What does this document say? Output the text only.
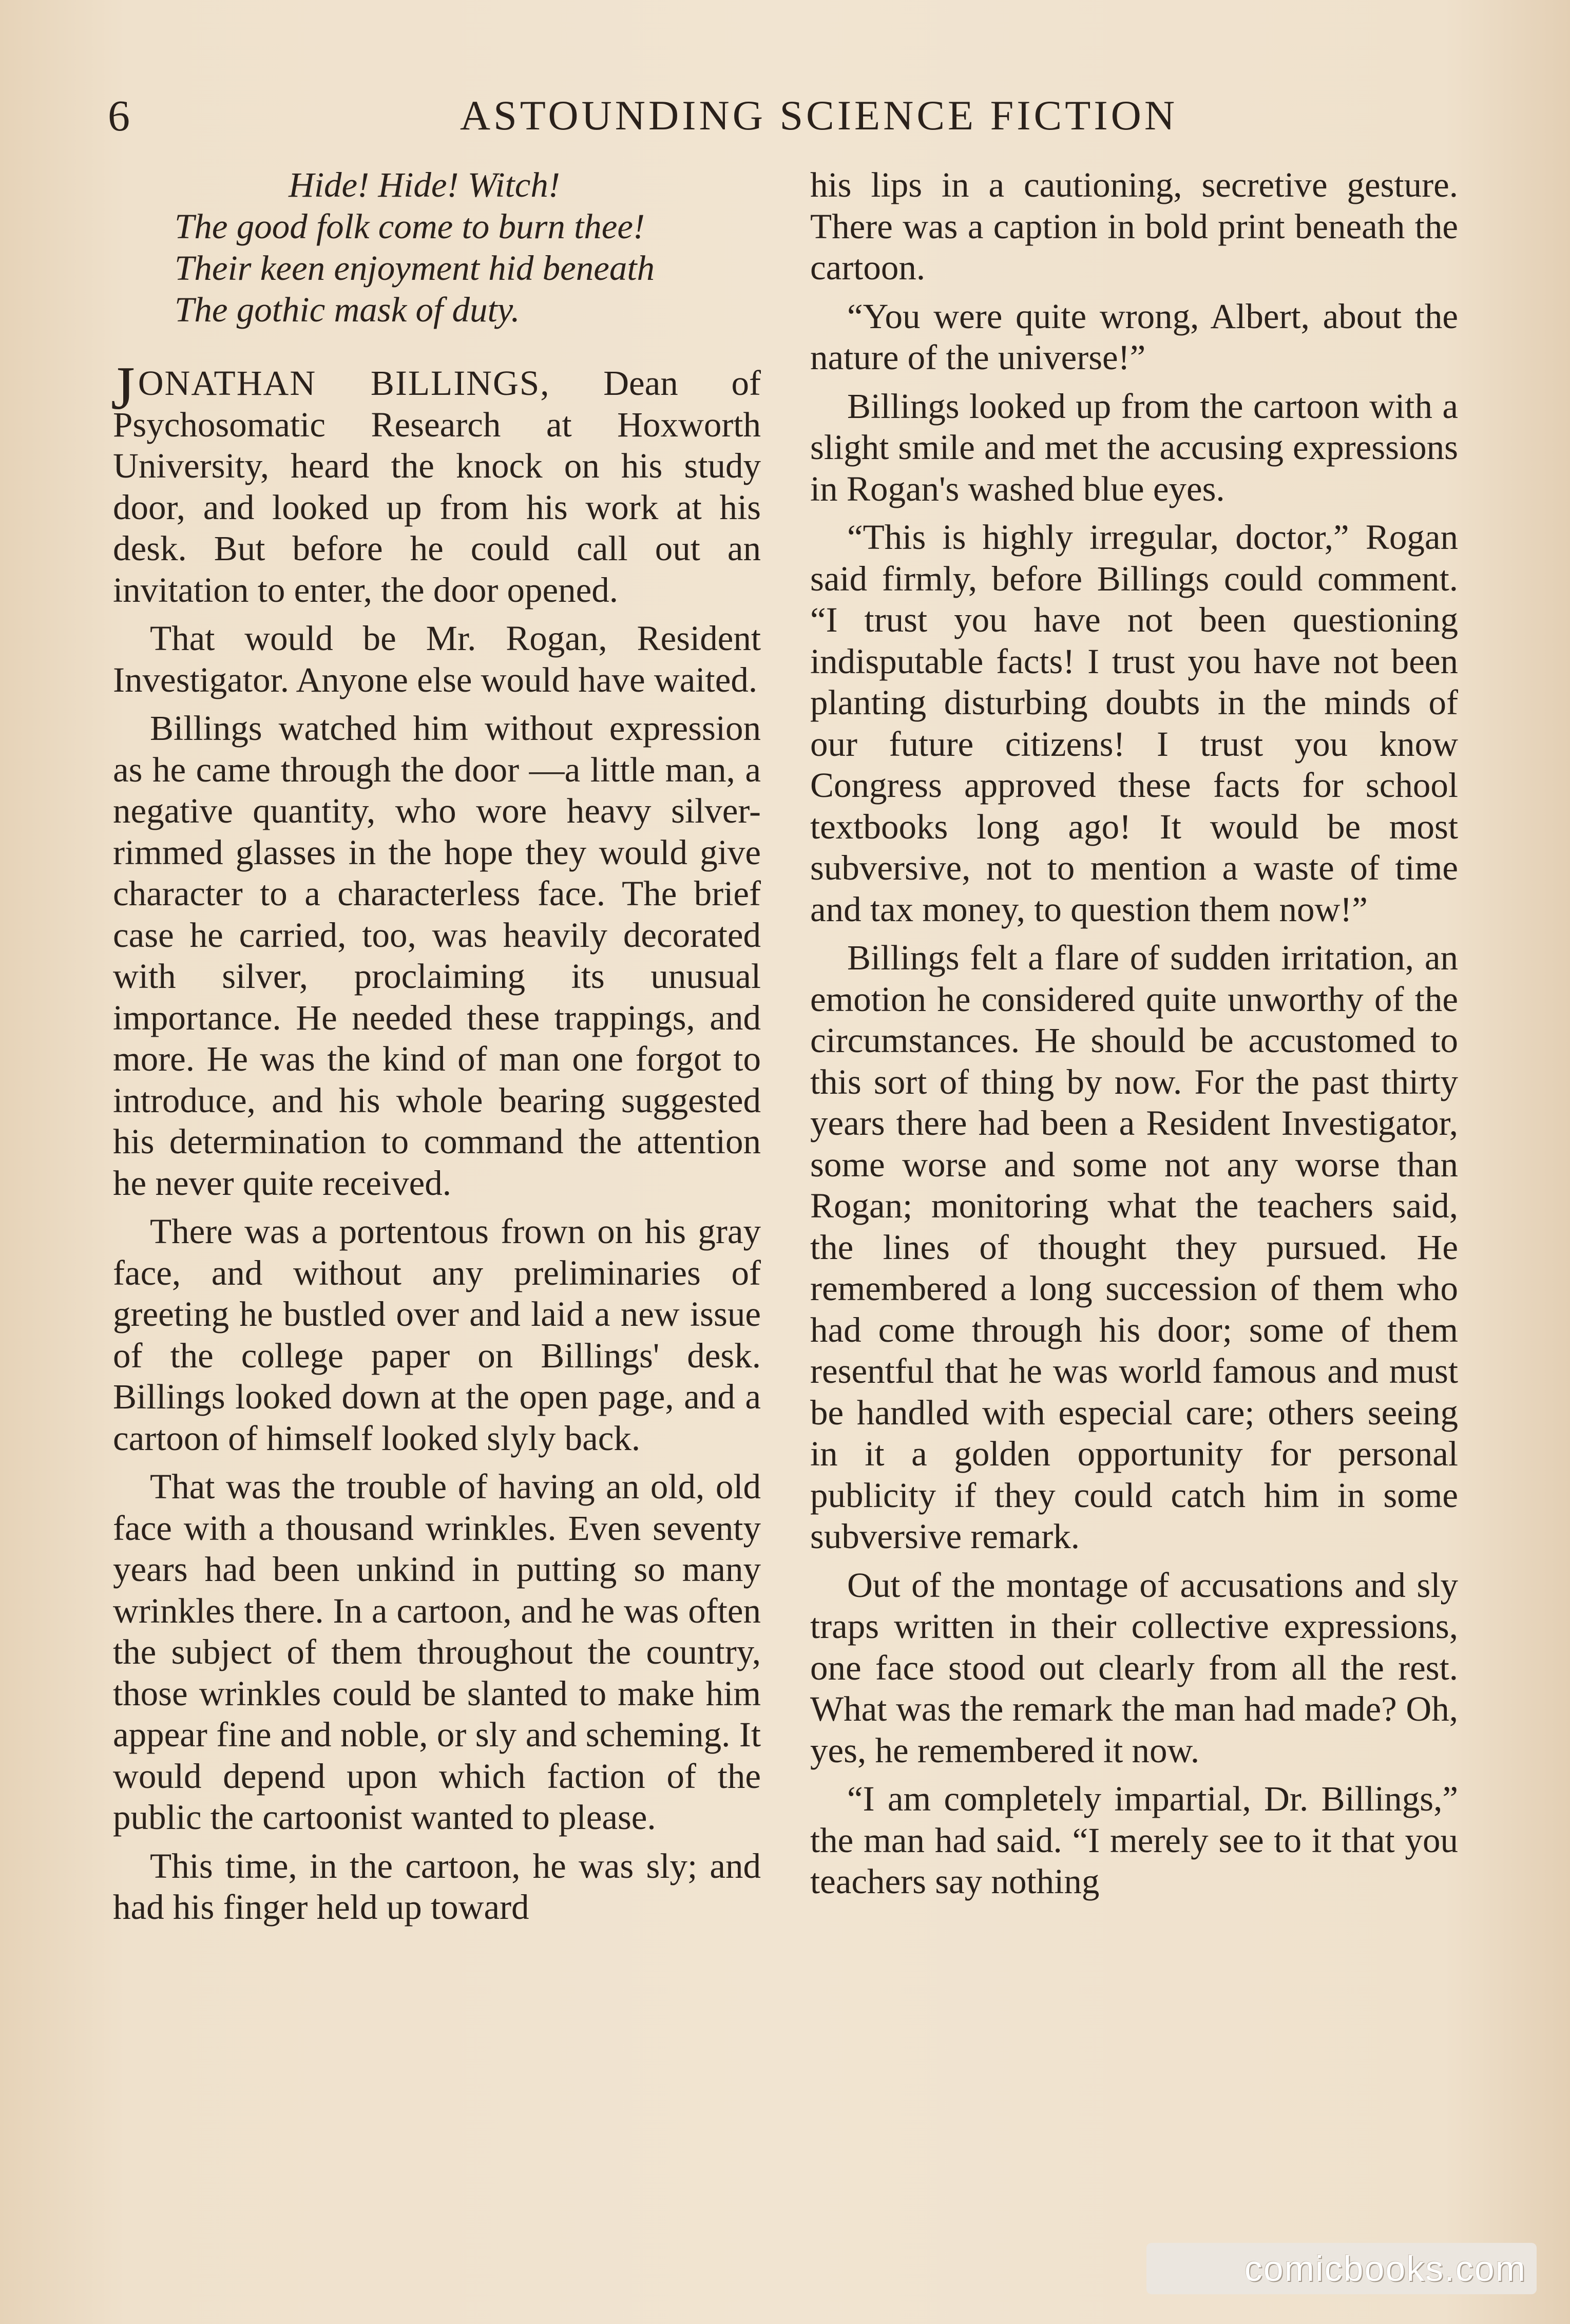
6	ASTOUNDING SCIENCE FICTION
Hide! Hide! Witch!
The good folk come to burn thee!
Their keen enjoyment hid beneath
The gothic mask of duty.

JONATHAN BILLINGS, Dean of Psychosomatic Research at Hoxworth University, heard the knock on his study door, and looked up from his work at his desk. But before he could call out an invitation to enter, the door opened.

That would be Mr. Rogan, Resident Investigator. Anyone else would have waited.

Billings watched him without expression as he came through the door —a little man, a negative quantity, who wore heavy silver-rimmed glasses in the hope they would give character to a characterless face. The brief case he carried, too, was heavily decorated with silver, proclaiming its unusual importance. He needed these trappings, and more. He was the kind of man one forgot to introduce, and his whole bearing suggested his determination to command the attention he never quite received.

There was a portentous frown on his gray face, and without any preliminaries of greeting he bustled over and laid a new issue of the college paper on Billings' desk. Billings looked down at the open page, and a cartoon of himself looked slyly back.

That was the trouble of having an old, old face with a thousand wrinkles. Even seventy years had been unkind in putting so many wrinkles there. In a cartoon, and he was often the subject of them throughout the country, those wrinkles could be slanted to make him appear fine and noble, or sly and scheming. It would depend upon which faction of the public the cartoonist wanted to please.

This time, in the cartoon, he was sly; and had his finger held up toward

his lips in a cautioning, secretive gesture. There was a caption in bold print beneath the cartoon.

“You were quite wrong, Albert, about the nature of the universe!”

Billings looked up from the cartoon with a slight smile and met the accusing expressions in Rogan's washed blue eyes.

“This is highly irregular, doctor,” Rogan said firmly, before Billings could comment. “I trust you have not been questioning indisputable facts! I trust you have not been planting disturbing doubts in the minds of our future citizens! I trust you know Congress approved these facts for school textbooks long ago! It would be most subversive, not to mention a waste of time and tax money, to question them now!”

Billings felt a flare of sudden irritation, an emotion he considered quite unworthy of the circumstances. He should be accustomed to this sort of thing by now. For the past thirty years there had been a Resident Investigator, some worse and some not any worse than Rogan; monitoring what the teachers said, the lines of thought they pursued. He remembered a long succession of them who had come through his door; some of them resentful that he was world famous and must be handled with especial care; others seeing in it a golden opportunity for personal publicity if they could catch him in some subversive remark.

Out of the montage of accusations and sly traps written in their collective expressions, one face stood out clearly from all the rest. What was the remark the man had made? Oh, yes, he remembered it now.

“I am completely impartial, Dr. Billings,” the man had said. “I merely see to it that you teachers say nothing

comicbooks.com
